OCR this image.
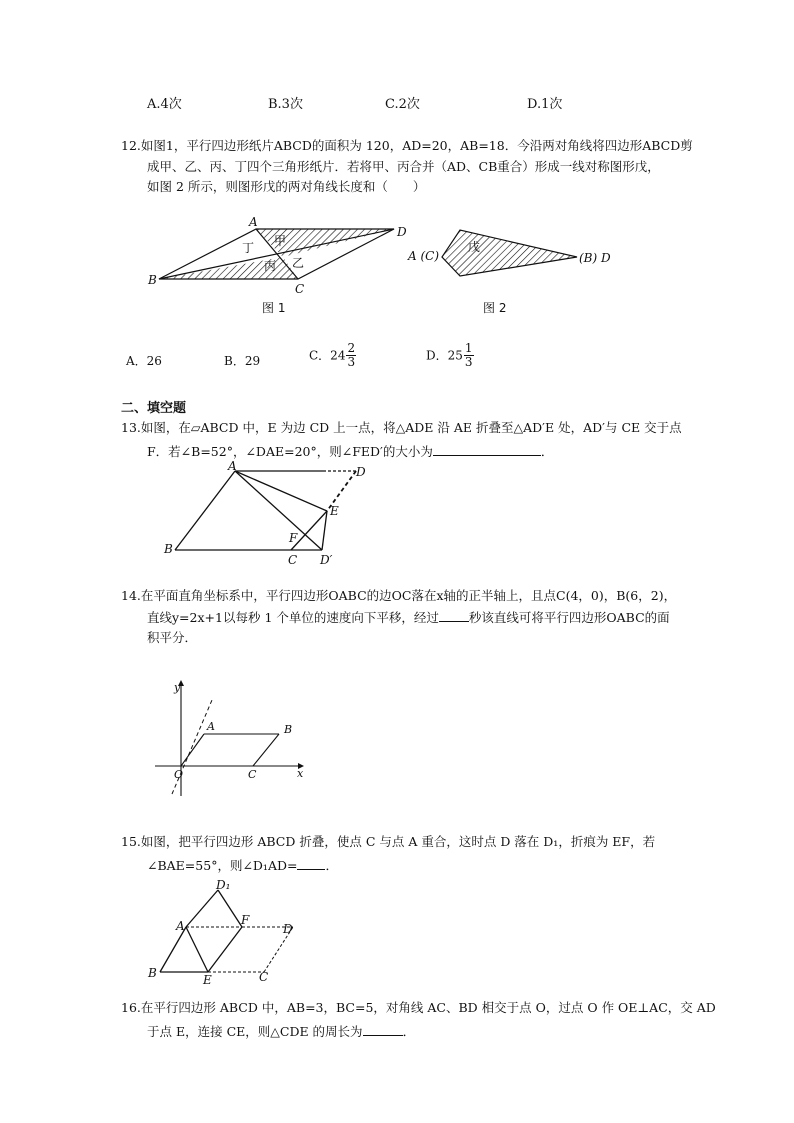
A.4次	B.3次	C.2次	D.1次
12.如图1，平行四边形纸片ABCD的面积为 120，AD=20，AB=18．今沿两对角线将四边形ABCD剪
成甲、乙、丙、丁四个三角形纸片．若将甲、丙合并（AD、CB重合）形成一线对称图形戊，
如图 2 所示，则图形戊的两对角线长度和（　　）
A
B
C
D
甲
乙
丙
丁
图 1
戊
A (C)	(B) D
图 2
A．26	B．29	C．$24 \frac{2}{3}$	D．$25 \frac{1}{3}$
二、填空题
13.如图，在▱ABCD 中，E 为边 CD 上一点，将△ADE 沿 AE 折叠至△AD′E 处，AD′与 CE 交于点
F．若∠B=52°，∠DAE=20°，则∠FED′的大小为	．
A
B
C
D
E
F
D′
14.在平面直角坐标系中，平行四边形OABC的边OC落在x轴的正半轴上，且点C(4，0)，B(6，2)，
直线y=2x+1以每秒 1 个单位的速度向下平移，经过 秒该直线可将平行四边形OABC的面
积平分．
y
x
O
A	B
C
15.如图，把平行四边形 ABCD 折叠，使点 C 与点 A 重合，这时点 D 落在 D₁，折痕为 EF，若
∠BAE=55°，则∠D₁AD= ．
A
B	C
D
E
F
D₁
16.在平行四边形 ABCD 中，AB=3，BC=5，对角线 AC、BD 相交于点 O，过点 O 作 OE⊥AC，交 AD
于点 E，连接 CE，则△CDE 的周长为	．
